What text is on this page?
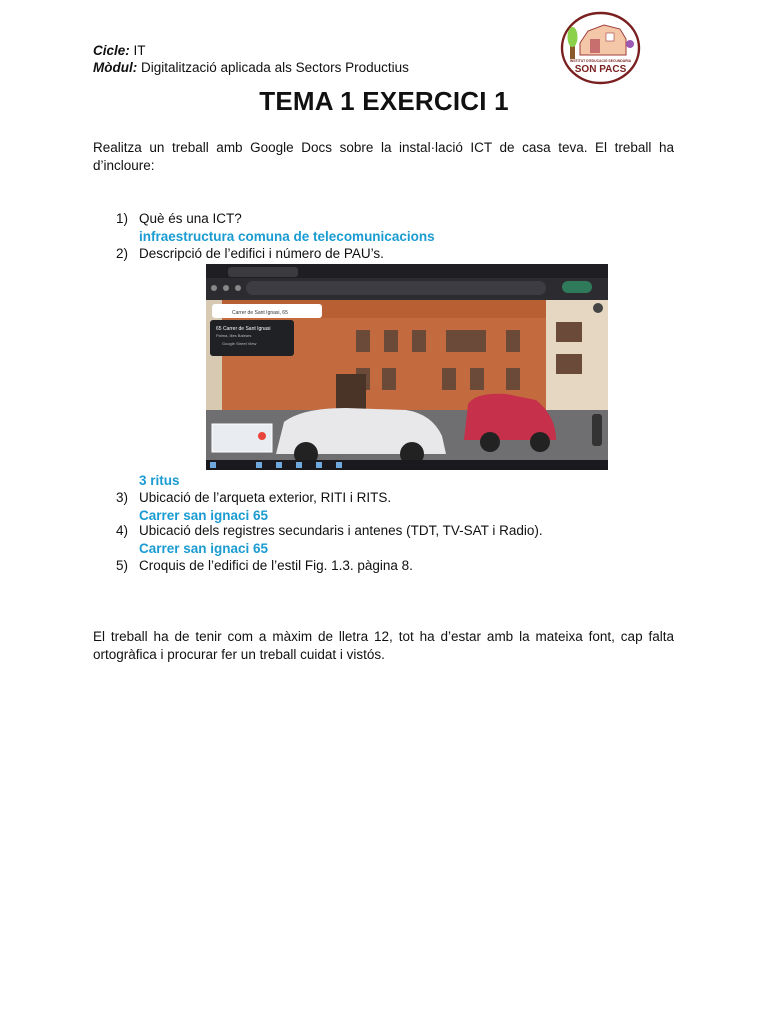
Cicle: IT
Mòdul: Digitalització aplicada als Sectors Productius	INSTITUT D'EDUCACIÓ SECUNDÀRIA
SON PACS
TEMA 1 EXERCICI 1
Realitza un treball amb Google Docs sobre la instal·lació ICT de casa teva. El treball ha d’incloure:
1) Què és una ICT?
infraestructura comuna de telecomunicacions
2) Descripció de l’edifici i número de PAU’s.
Carrer de Sant Ignasi, 65
65 Carrer de Sant Ignasi
Palma, Illes Balears
Google Street View
3 ritus
3) Ubicació de l’arqueta exterior, RITI i RITS.
Carrer san ignaci 65
4) Ubicació dels registres secundaris i antenes (TDT, TV-SAT i Radio).
Carrer san ignaci 65
5) Croquis de l’edifici de l’estil Fig. 1.3. pàgina 8.
El treball ha de tenir com a màxim de lletra 12, tot ha d’estar amb la mateixa font, cap falta ortogràfica i procurar fer un treball cuidat i vistós.
